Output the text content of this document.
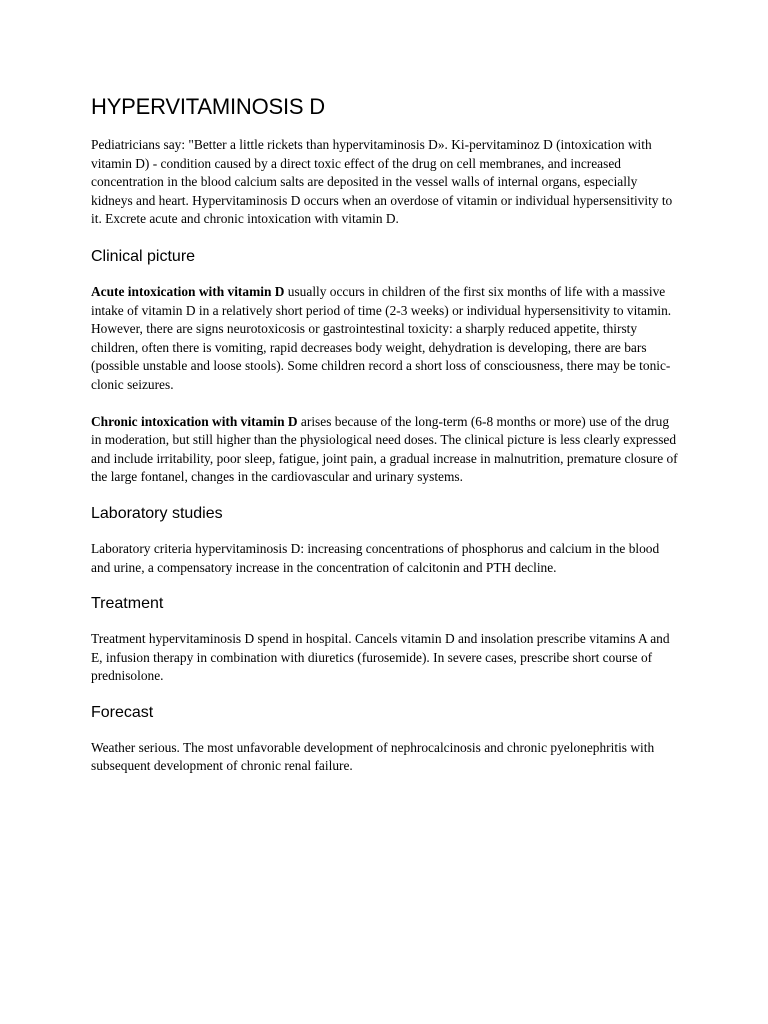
HYPERVITAMINOSIS D

Pediatricians say: "Better a little rickets than hypervitaminosis D». Ki-pervitaminoz D (intoxication with vitamin D) - condition caused by a direct toxic effect of the drug on cell membranes, and increased concentration in the blood calcium salts are deposited in the vessel walls of internal organs, especially kidneys and heart. Hypervitaminosis D occurs when an overdose of vitamin or individual hypersensitivity to it. Excrete acute and chronic intoxication with vitamin D.

Clinical picture

Acute intoxication with vitamin D usually occurs in children of the first six months of life with a massive intake of vitamin D in a relatively short period of time (2-3 weeks) or individual hypersensitivity to vitamin. However, there are signs neurotoxicosis or gastrointestinal toxicity: a sharply reduced appetite, thirsty children, often there is vomiting, rapid decreases body weight, dehydration is developing, there are bars (possible unstable and loose stools). Some children record a short loss of consciousness, there may be tonic-clonic seizures.

Chronic intoxication with vitamin D arises because of the long-term (6-8 months or more) use of the drug in moderation, but still higher than the physiological need doses. The clinical picture is less clearly expressed and include irritability, poor sleep, fatigue, joint pain, a gradual increase in malnutrition, premature closure of the large fontanel, changes in the cardiovascular and urinary systems.

Laboratory studies

Laboratory criteria hypervitaminosis D: increasing concentrations of phosphorus and calcium in the blood and urine, a compensatory increase in the concentration of calcitonin and PTH decline.

Treatment

Treatment hypervitaminosis D spend in hospital. Cancels vitamin D and insolation prescribe vitamins A and E, infusion therapy in combination with diuretics (furosemide). In severe cases, prescribe short course of prednisolone.

Forecast

Weather serious. The most unfavorable development of nephrocalcinosis and chronic pyelonephritis with subsequent development of chronic renal failure.
